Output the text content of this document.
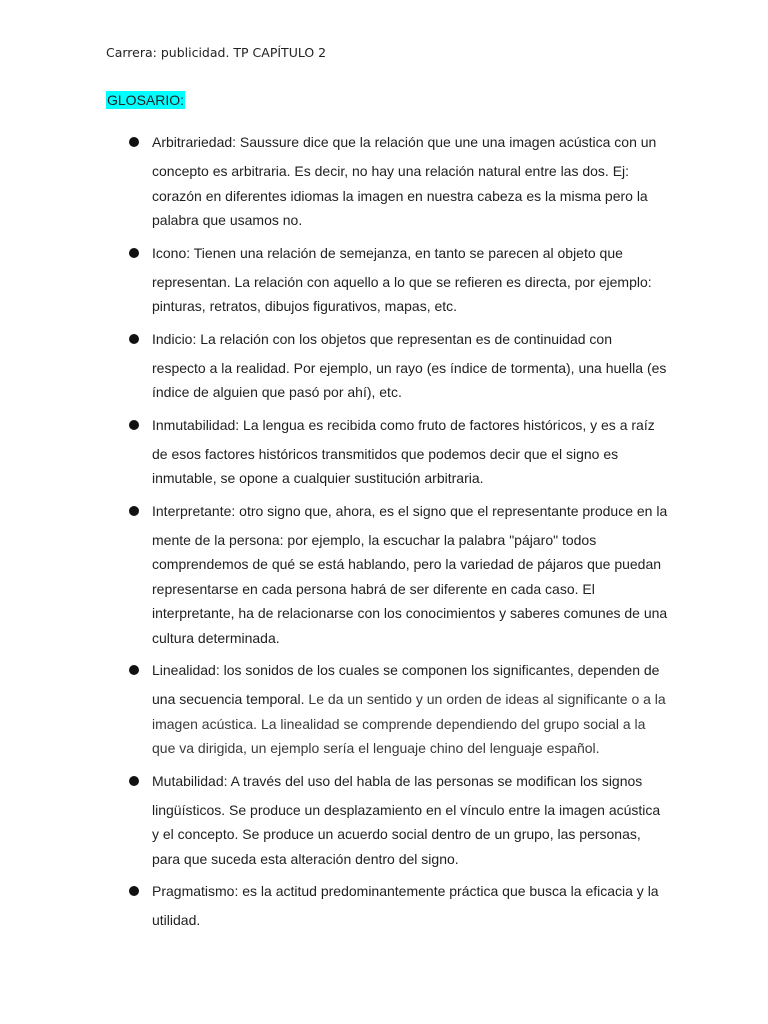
Carrera: publicidad. TP CAPÍTULO 2
GLOSARIO:
Arbitrariedad: Saussure dice que la relación que une una imagen acústica con un
concepto es arbitraria. Es decir, no hay una relación natural entre las dos. Ej: corazón en diferentes idiomas la imagen en nuestra cabeza es la misma pero la palabra que usamos no.
Icono: Tienen una relación de semejanza, en tanto se parecen al objeto que
representan. La relación con aquello a lo que se refieren es directa, por ejemplo: pinturas, retratos, dibujos figurativos, mapas, etc.
Indicio: La relación con los objetos que representan es de continuidad con
respecto a la realidad. Por ejemplo, un rayo (es índice de tormenta), una huella (es índice de alguien que pasó por ahí), etc.
Inmutabilidad: La lengua es recibida como fruto de factores históricos, y es a raíz
de esos factores históricos transmitidos que podemos decir que el signo es inmutable, se opone a cualquier sustitución arbitraria.
Interpretante: otro signo que, ahora, es el signo que el representante produce en la
mente de la persona: por ejemplo, la escuchar la palabra "pájaro" todos comprendemos de qué se está hablando, pero la variedad de pájaros que puedan representarse en cada persona habrá de ser diferente en cada caso. El interpretante, ha de relacionarse con los conocimientos y saberes comunes de una cultura determinada.
Linealidad: los sonidos de los cuales se componen los significantes, dependen de
una secuencia temporal. Le da un sentido y un orden de ideas al significante o a la imagen acústica. La linealidad se comprende dependiendo del grupo social a la que va dirigida, un ejemplo sería el lenguaje chino del lenguaje español.
Mutabilidad: A través del uso del habla de las personas se modifican los signos
lingüísticos. Se produce un desplazamiento en el vínculo entre la imagen acústica y el concepto. Se produce un acuerdo social dentro de un grupo, las personas, para que suceda esta alteración dentro del signo.
Pragmatismo: es la actitud predominantemente práctica que busca la eficacia y la
utilidad.
